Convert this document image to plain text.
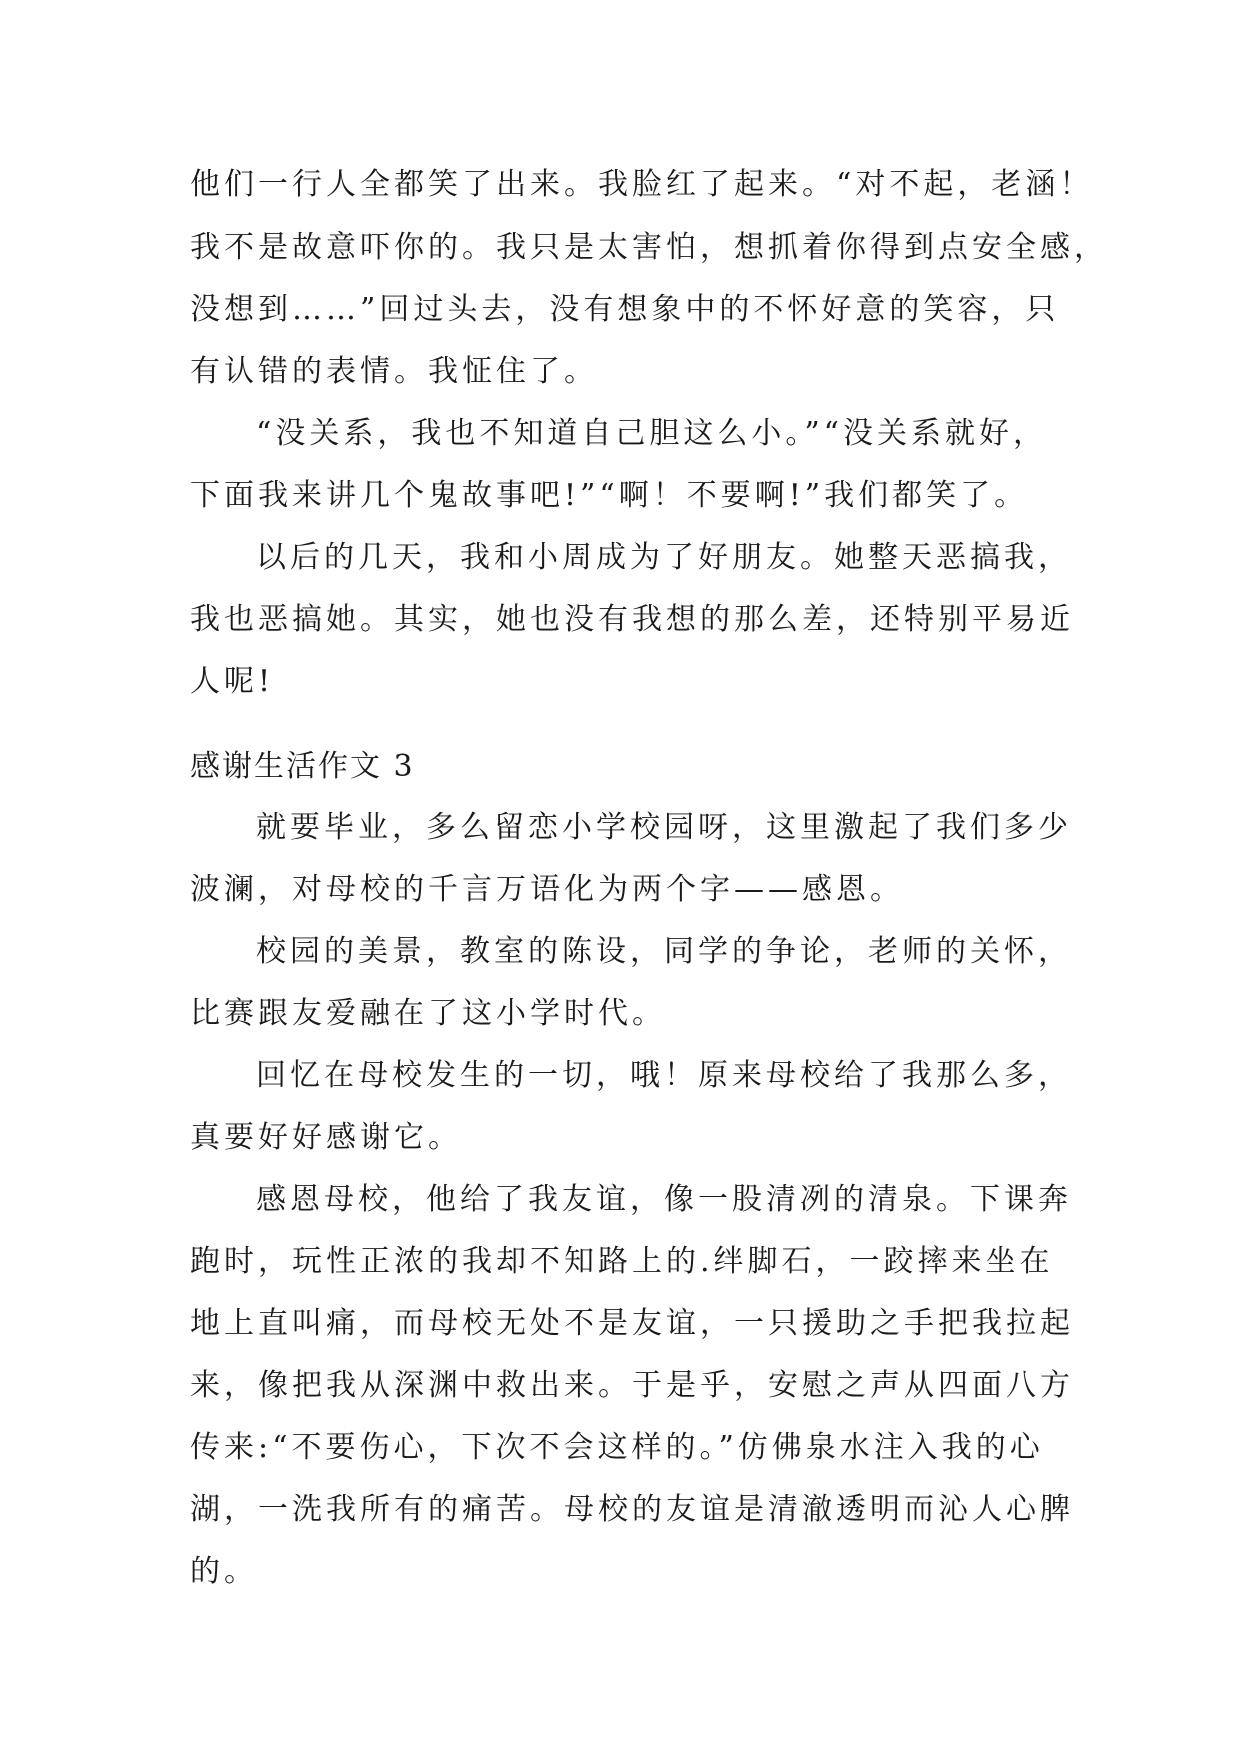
他们一行人全都笑了出来。我脸红了起来。“对不起，老涵！
我不是故意吓你的。我只是太害怕，想抓着你得到点安全感，
没想到……”回过头去，没有想象中的不怀好意的笑容，只
有认错的表情。我怔住了。
“没关系，我也不知道自己胆这么小。”“没关系就好，
下面我来讲几个鬼故事吧!”“啊！不要啊!”我们都笑了。
以后的几天，我和小周成为了好朋友。她整天恶搞我，
我也恶搞她。其实，她也没有我想的那么差，还特别平易近
人呢!
感谢生活作文 3
就要毕业，多么留恋小学校园呀，这里激起了我们多少
波澜，对母校的千言万语化为两个字——感恩。
校园的美景，教室的陈设，同学的争论，老师的关怀，
比赛跟友爱融在了这小学时代。
回忆在母校发生的一切，哦！原来母校给了我那么多，
真要好好感谢它。
感恩母校，他给了我友谊，像一股清冽的清泉。下课奔
跑时，玩性正浓的我却不知路上的.绊脚石，一跤摔来坐在
地上直叫痛，而母校无处不是友谊，一只援助之手把我拉起
来，像把我从深渊中救出来。于是乎，安慰之声从四面八方
传来:“不要伤心，下次不会这样的。”仿佛泉水注入我的心
湖，一洗我所有的痛苦。母校的友谊是清澈透明而沁人心脾
的。
